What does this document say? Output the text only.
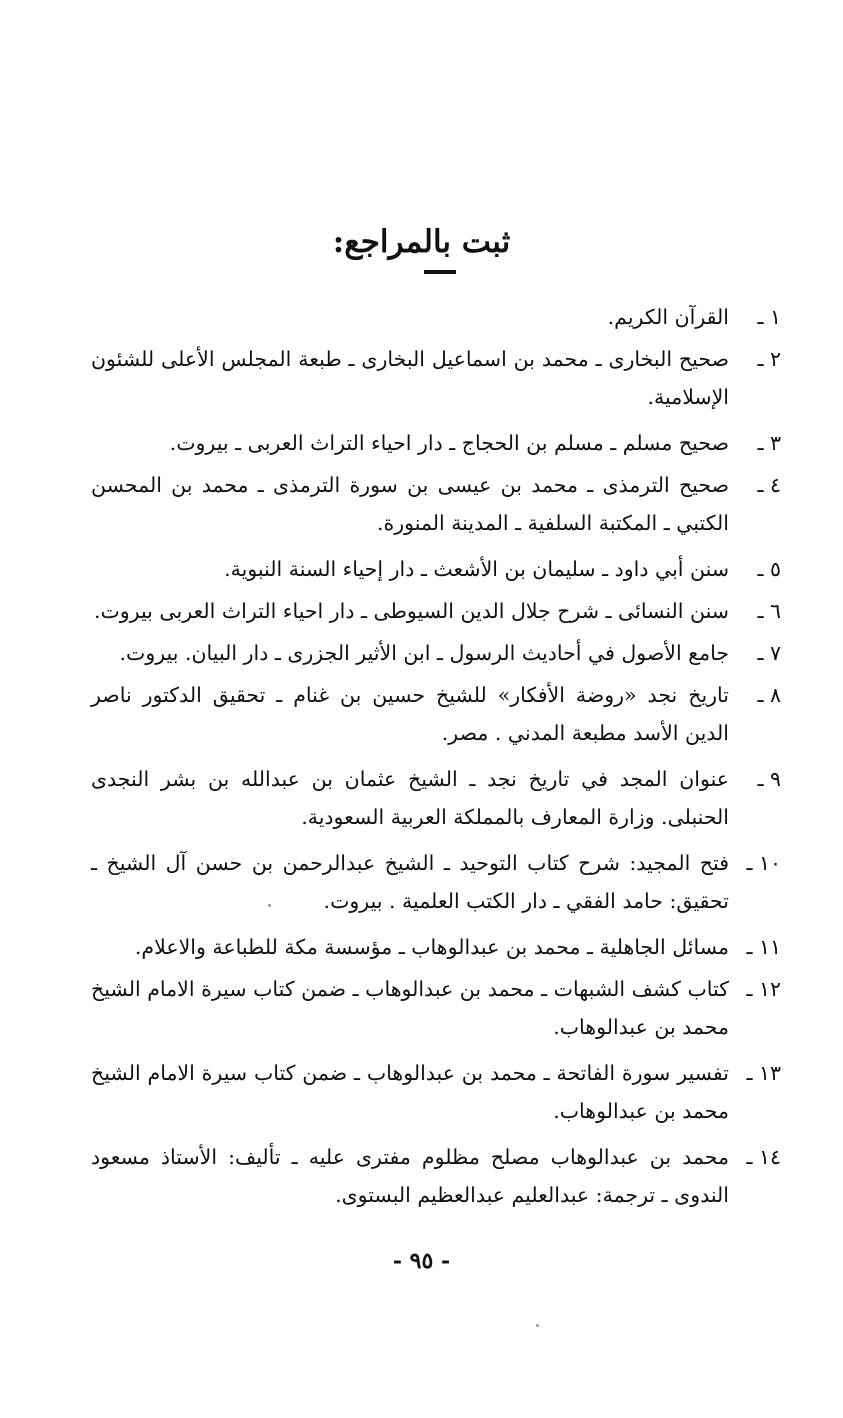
ثبت بالمراجع:
١ ـ
القرآن الكريم.
٢ ـ
صحيح البخارى ـ محمد بن اسماعيل البخارى ـ طبعة المجلس الأعلى للشئون الإسلامية.
٣ ـ
صحيح مسلم ـ مسلم بن الحجاج ـ دار احياء التراث العربى ـ بيروت.
٤ ـ
صحيح الترمذى ـ محمد بن عيسى بن سورة الترمذى ـ محمد بن المحسن الكتبي ـ المكتبة السلفية ـ المدينة المنورة.
٥ ـ
سنن أبي داود ـ سليمان بن الأشعث ـ دار إحياء السنة النبوية.
٦ ـ
سنن النسائى ـ شرح جلال الدين السيوطى ـ دار احياء التراث العربى بيروت.
٧ ـ
جامع الأصول في أحاديث الرسول ـ ابن الأثير الجزرى ـ دار البيان. بيروت.
٨ ـ
تاريخ نجد «روضة الأفكار» للشيخ حسين بن غنام ـ تحقيق الدكتور ناصر الدين الأسد مطبعة المدني . مصر.
٩ ـ
عنوان المجد في تاريخ نجد ـ الشيخ عثمان بن عبدالله بن بشر النجدى الحنبلى. وزارة المعارف بالمملكة العربية السعودية.
١٠ ـ
فتح المجيد: شرح كتاب التوحيد ـ الشيخ عبدالرحمن بن حسن آل الشيخ ـ تحقيق: حامد الفقي ـ دار الكتب العلمية . بيروت.
١١ ـ
مسائل الجاهلية ـ محمد بن عبدالوهاب ـ مؤسسة مكة للطباعة والاعلام.
١٢ ـ
كتاب كشف الشبهات ـ محمد بن عبدالوهاب ـ ضمن كتاب سيرة الامام الشيخ محمد بن عبدالوهاب.
١٣ ـ
تفسير سورة الفاتحة ـ محمد بن عبدالوهاب ـ ضمن كتاب سيرة الامام الشيخ محمد بن عبدالوهاب.
١٤ ـ
محمد بن عبدالوهاب مصلح مظلوم مفترى عليه ـ تأليف: الأستاذ مسعود الندوى ـ ترجمة: عبدالعليم عبدالعظيم البستوى.
- ٩٥ -
